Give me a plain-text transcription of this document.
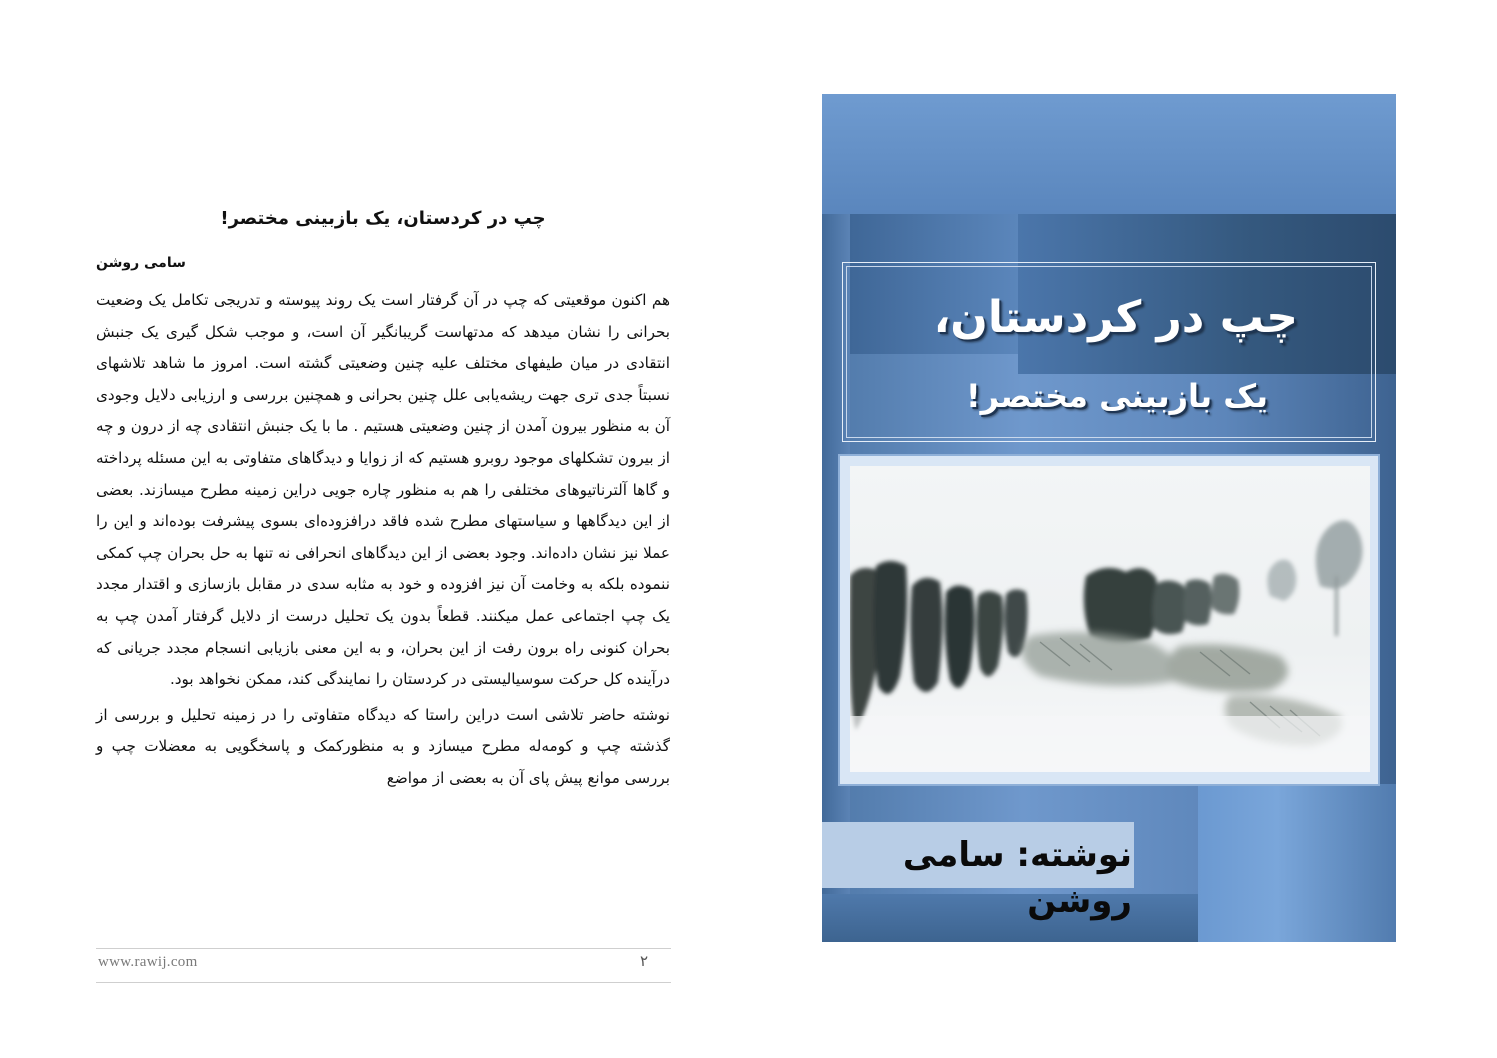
چپ در کردستان، یک بازبینی مختصر!
سامی روشن

هم اکنون موقعیتی که چپ در آن گرفتار است یک روند پیوسته و تدریجی تکامل یک وضعیت بحرانی را نشان میدهد که مدتهاست گریبانگیر آن است، و موجب شکل گیری یک جنبش انتقادی در میان طیفهای مختلف علیه چنین وضعیتی گشته است. امروز ما شاهد تلاشهای نسبتاً جدی تری جهت ریشه‌یابی علل چنین بحرانی و همچنین بررسی و ارزیابی دلایل وجودی آن به منظور بیرون آمدن از چنین وضعیتی هستیم . ما با یک جنبش انتقادی چه از درون و چه از بیرون تشکلهای موجود روبرو هستیم که از زوایا و دیدگاهای متفاوتی به این مسئله پرداخته و گاها آلترناتیوهای مختلفی را هم به منظور چاره جویی دراین زمینه مطرح میسازند. بعضی از این دیدگاهها و سیاستهای مطرح شده فاقد درافزوده‌ای بسوی پیشرفت بوده‌اند و این را عملا نیز نشان داده‌اند. وجود بعضی از این دیدگاهای انحرافی نه تنها به حل بحران چپ کمکی ننموده بلکه به وخامت آن نیز افزوده و خود به مثابه سدی در مقابل بازسازی و اقتدار مجدد یک چپ اجتماعی عمل میکنند. قطعاً بدون یک تحلیل درست از دلایل گرفتار آمدن چپ به بحران کنونی راه برون رفت از این بحران، و به این معنی بازیابی انسجام مجدد جریانی که درآینده کل حرکت سوسیالیستی در کردستان را نمایندگی کند، ممکن نخواهد بود.

نوشته حاضر تلاشی است دراین راستا که دیدگاه متفاوتی را در زمینه تحلیل و بررسی از گذشته چپ و کومه‌له مطرح میسازد و به منظورکمک و پاسخگویی به معضلات چپ و بررسی موانع پیش پای آن به بعضی از مواضع

www.rawij.com	۲
چپ در کردستان،
یک بازبینی مختصر!
نوشته: سامی روشن
